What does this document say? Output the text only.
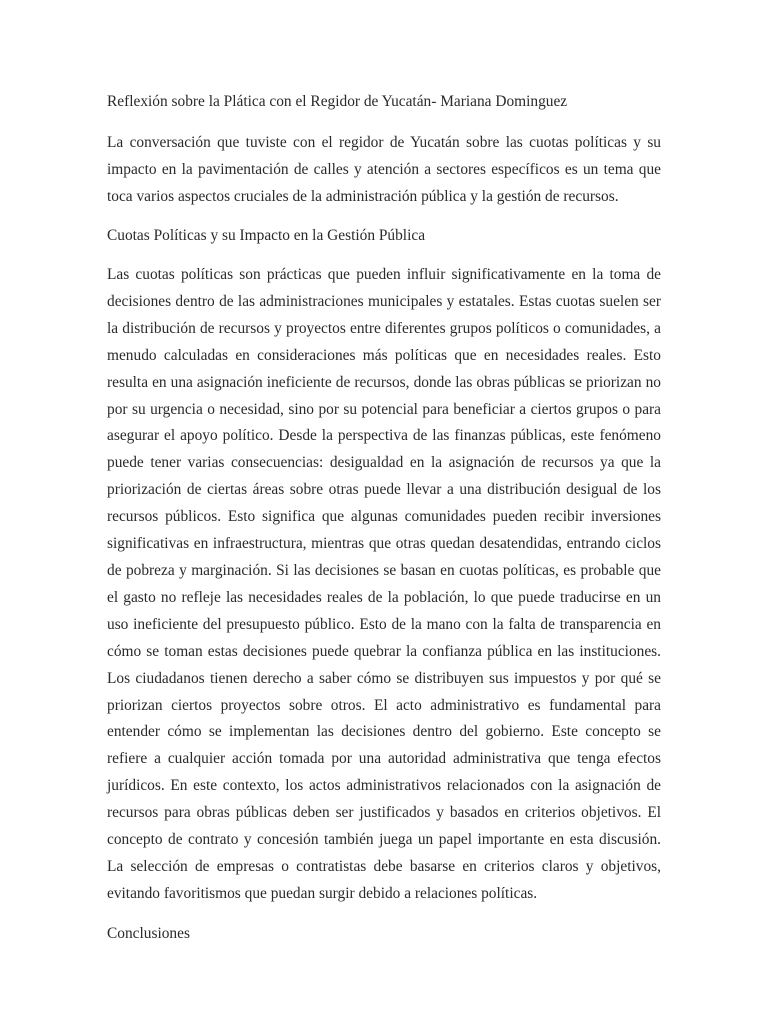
Reflexión sobre la Plática con el Regidor de Yucatán- Mariana Dominguez

La conversación que tuviste con el regidor de Yucatán sobre las cuotas políticas y su impacto en la pavimentación de calles y atención a sectores específicos es un tema que toca varios aspectos cruciales de la administración pública y la gestión de recursos.

Cuotas Políticas y su Impacto en la Gestión Pública

Las cuotas políticas son prácticas que pueden influir significativamente en la toma de decisiones dentro de las administraciones municipales y estatales. Estas cuotas suelen ser la distribución de recursos y proyectos entre diferentes grupos políticos o comunidades, a menudo calculadas en consideraciones más políticas que en necesidades reales. Esto resulta en una asignación ineficiente de recursos, donde las obras públicas se priorizan no por su urgencia o necesidad, sino por su potencial para beneficiar a ciertos grupos o para asegurar el apoyo político. Desde la perspectiva de las finanzas públicas, este fenómeno puede tener varias consecuencias: desigualdad en la asignación de recursos ya que la priorización de ciertas áreas sobre otras puede llevar a una distribución desigual de los recursos públicos. Esto significa que algunas comunidades pueden recibir inversiones significativas en infraestructura, mientras que otras quedan desatendidas, entrando ciclos de pobreza y marginación. Si las decisiones se basan en cuotas políticas, es probable que el gasto no refleje las necesidades reales de la población, lo que puede traducirse en un uso ineficiente del presupuesto público. Esto de la mano con la falta de transparencia en cómo se toman estas decisiones puede quebrar la confianza pública en las instituciones. Los ciudadanos tienen derecho a saber cómo se distribuyen sus impuestos y por qué se priorizan ciertos proyectos sobre otros. El acto administrativo es fundamental para entender cómo se implementan las decisiones dentro del gobierno. Este concepto se refiere a cualquier acción tomada por una autoridad administrativa que tenga efectos jurídicos. En este contexto, los actos administrativos relacionados con la asignación de recursos para obras públicas deben ser justificados y basados en criterios objetivos. El concepto de contrato y concesión también juega un papel importante en esta discusión. La selección de empresas o contratistas debe basarse en criterios claros y objetivos, evitando favoritismos que puedan surgir debido a relaciones políticas.

Conclusiones
